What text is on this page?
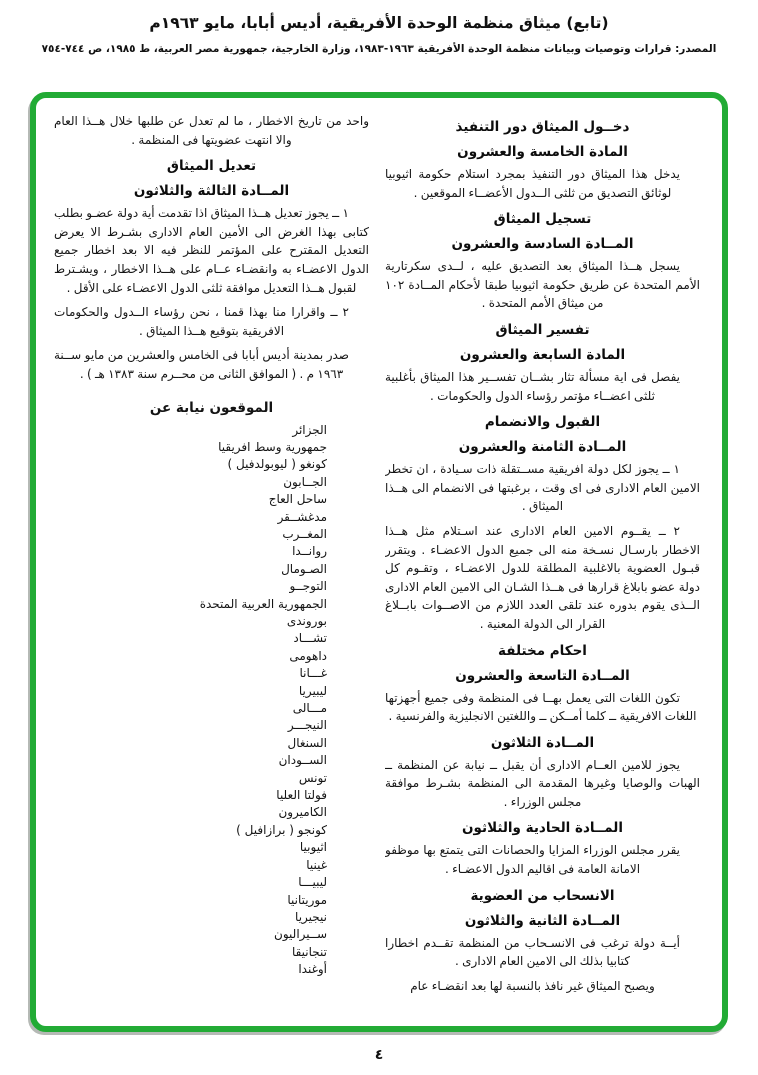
(تابع) ميثاق منظمة الوحدة الأفريقية، أديس أبابا، مايو ١٩٦٣م
المصدر: قرارات وتوصيات وبيانات منظمة الوحدة الأفريقية ١٩٦٣-١٩٨٣، وزارة الخارجية، جمهورية مصر العربية، ط ١٩٨٥، ص ٧٤٤-٧٥٤
دخــول الميثاق دور التنفيذ
المادة الخامسة والعشرون
يدخل هذا الميثاق دور التنفيذ بمجرد استلام حكومة اثيوبيا لوثائق التصديق من ثلثى الــدول الأعضــاء الموقعين .
تسجيل الميثاق
المــادة السادسة والعشرون
يسجل هــذا الميثاق بعد التصديق عليه ، لــدى سكرتارية الأمم المتحدة عن طريق حكومة اثيوبيا طبقا لأحكام المــادة ١٠٢ من ميثاق الأمم المتحدة .
تفسير الميثاق
المادة السابعة والعشرون
يفصل فى اية مسألة تثار بشــان تفســير هذا الميثاق بأغلبية ثلثى اعضــاء مؤتمر رؤساء الدول والحكومات .
القبول والانضمام
المــادة الثامنة والعشرون
١ ــ يجوز لكل دولة افريقية مســتقلة ذات سـيادة ، ان تخطر الامين العام الادارى فى اى وقت ، برغبتها فى الانضمام الى هــذا الميثاق .
٢ ــ يقــوم الامين العام الادارى عند اسـتلام مثل هــذا الاخطار بارسـال نسـخة منه الى جميع الدول الاعضـاء . ويتقرر قبـول العضوية بالاغلبية المطلقة للدول الاعضـاء ، وتقـوم كل دولة عضو بابلاغ قرارها فى هــذا الشـان الى الامين العام الادارى الــذى يقوم بدوره عند تلقى العدد اللازم من الاصــوات بابــلاغ القرار الى الدولة المعنية .
احكام مختلفة
المــادة التاسعة والعشرون
تكون اللغات التى يعمل بهــا فى المنظمة وفى جميع أجهزتها اللغات الافريقية ــ كلما أمــكن ــ واللغتين الانجليزية والفرنسية .
المــادة الثلاثون
يجوز للامين العــام الادارى أن يقبل ــ نيابة عن المنظمة ــ الهبات والوصايا وغيرها المقدمة الى المنظمة بشـرط موافقة مجلس الوزراء .
المــادة الحادية والثلاثون
يقرر مجلس الوزراء المزايا والحصانات التى يتمتع بها موظفو الامانة العامة فى اقاليم الدول الاعضـاء .
الانسحاب من العضوية
المــادة الثانية والثلاثون
أيــة دولة ترغب فى الانسـحاب من المنظمة تقــدم اخطارا كتابيا بذلك الى الامين العام الادارى .
ويصبح الميثاق غير نافذ بالنسبة لها بعد انقضـاء عام
واحد من تاريخ الاخطار ، ما لم تعدل عن طلبها خلال هــذا العام والا انتهت عضويتها فى المنظمة .
تعديل الميثاق
المــادة الثالثة والثلاثون
١ ــ يجوز تعديل هــذا الميثاق اذا تقدمت أية دولة عضـو بطلب كتابى بهذا الغرض الى الأمين العام الادارى بشـرط الا يعرض التعديل المقترح على المؤتمر للنظر فيه الا بعد اخطار جميع الدول الاعضـاء به وانقضـاء عــام على هــذا الاخطار ، ويشـترط لقبول هــذا التعديل موافقة ثلثى الدول الاعضـاء على الأقل .
٢ ــ واقرارا منا بهذا قمنا ، نحن رؤساء الــدول والحكومات الافريقية بتوقيع هــذا الميثاق .
صدر بمدينة أديس أبابا فى الخامس والعشرين من مايو ســنة ١٩٦٣ م . ( الموافق الثانى من محــرم سنة ١٣٨٣ هـ ) .
الموقعون نيابة عن
الجزائر
جمهورية وسط افريقيا
كونغو ( ليوبولدفيل )
الجــابون
ساحل العاج
مدغشــقر
المغــرب
روانــدا
الصـومال
التوجــو
الجمهورية العربية المتحدة
بوروندى
تشـــاد
داهومى
غـــانا
ليبيريا
مـــالى
النيجـــر
السنغال
الســودان
تونس
فولتا العليا
الكاميرون
كونجو ( برازافيل )
اثيوبيا
غينيا
ليبيـــا
موريتانيا
نيجيريا
ســيراليون
تنجانيقا
أوغندا
٤
